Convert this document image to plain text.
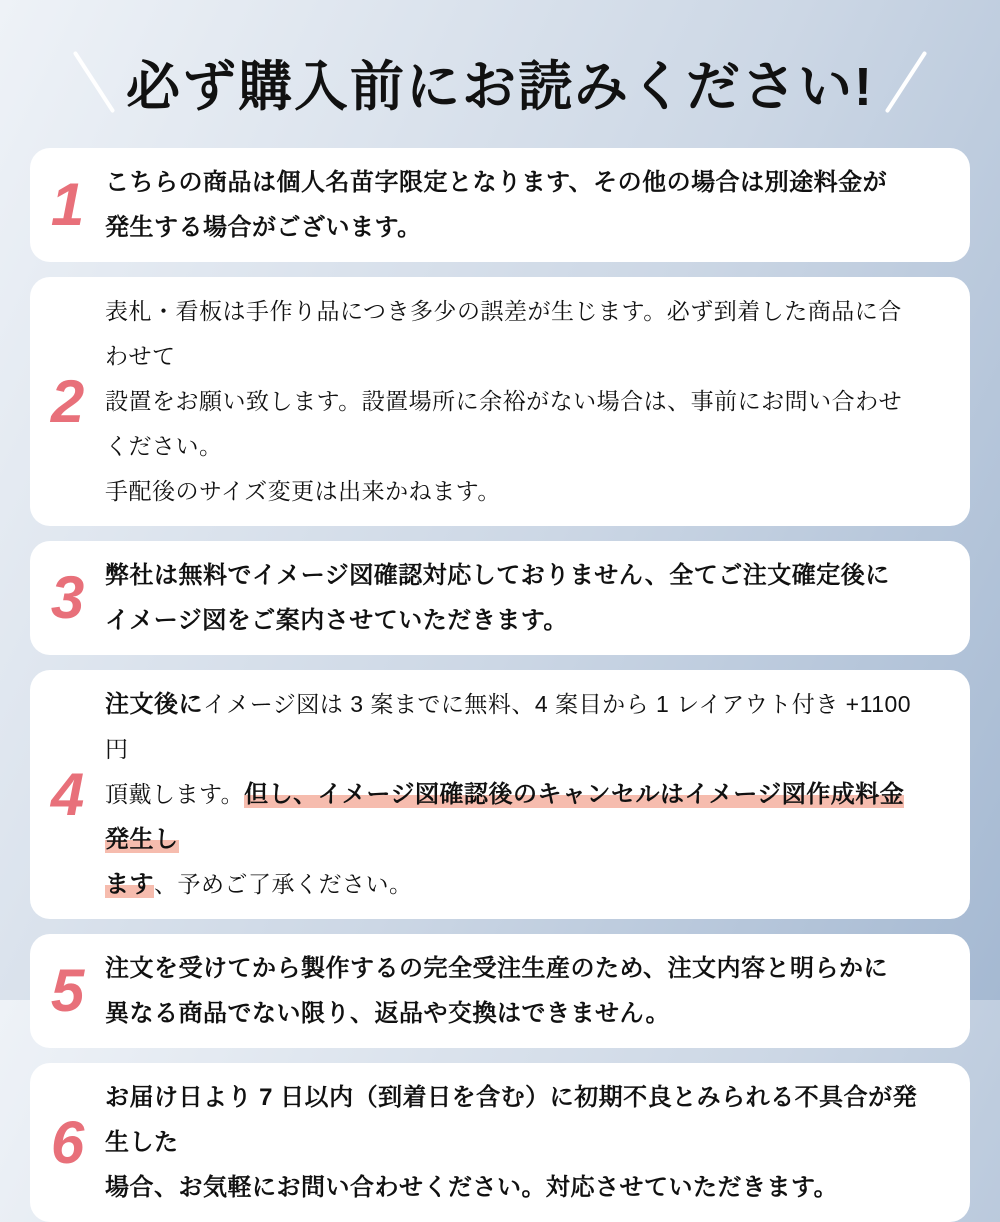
必ず購入前にお読みください!
1 こちらの商品は個人名苗字限定となります、その他の場合は別途料金が
発生する場合がございます。

2

表札・看板は手作り品につき多少の誤差が生じます。必ず到着した商品に合わせて
設置をお願い致します。設置場所に余裕がない場合は、事前にお問い合わせください。
手配後のサイズ変更は出来かねます。

3 弊社は無料でイメージ図確認対応しておりません、全てご注文確定後に
イメージ図をご案内させていただきます。

4

注文後にイメージ図は 3 案までに無料、4 案目から 1 レイアウト付き +1100 円
頂戴します。但し、イメージ図確認後のキャンセルはイメージ図作成料金発生し
ます、予めご了承ください。

5 注文を受けてから製作するの完全受注生産のため、注文内容と明らかに
異なる商品でない限り、返品や交換はできません。

6

お届け日より 7 日以内（到着日を含む）に初期不良とみられる不具合が発生した
場合、お気軽にお問い合わせください。対応させていただきます。
